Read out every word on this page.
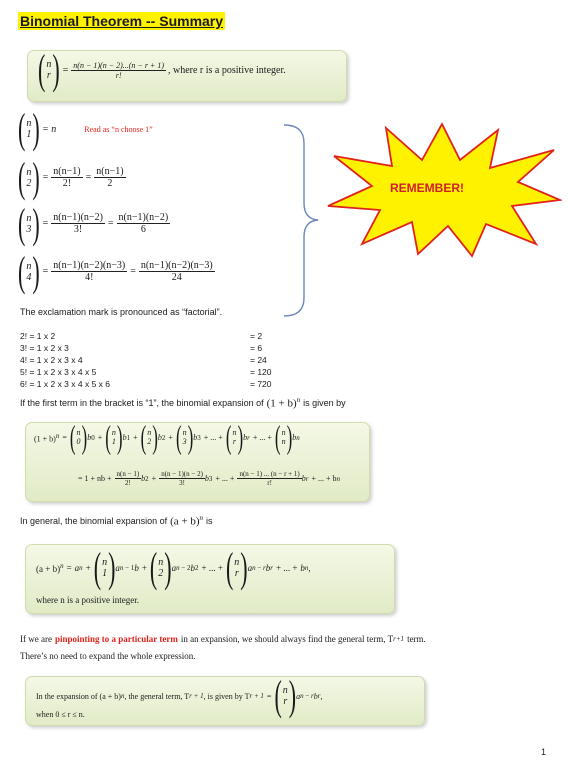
Binomial Theorem -- Summary
( n
r ) = $\frac{n(n - 1)(n - 2)...(n - r + 1)}{r!}$ , where r is a positive integer.
( n
1 ) = n	Read as “n choose 1”
( n
2 ) = $\frac{n(n-1)}{2!} = \frac{n(n-1)}{2}$
( n
3 ) = $\frac{n(n-1)(n-2)}{3!} = \frac{n(n-1)(n-2)}{6}$
( n
4 ) = $\frac{n(n-1)(n-2)(n-3)}{4!} = \frac{n(n-1)(n-2)(n-3)}{24}$
REMEMBER!
The exclamation mark is pronounced as “factorial”.
2! = 1 x 2	= 2
3! = 1 x 2 x 3	= 6
4! = 1 x 2 x 3 x 4	= 24
5! = 1 x 2 x 3 x 4 x 5	= 120
6! = 1 x 2 x 3 x 4 x 5 x 6	= 720
If the first term in the bracket is “1”, the binomial expansion of $(1 + b)^n$ is given by
$(1 + b)^n$ = ( n
0 ) b 0 + ( n
1 ) b 1 + ( n
2 ) b 2 + ( n
3 ) b 3 + ... + ( n
r ) b r + ... + ( n
n ) b n
= 1 + nb + $\frac{n(n - 1)}{2!}$ b $2 + \frac{n(n - 1)(n - 2)}{3!}$ b 3 + ... + $\frac{n(n - 1) ... (n - r + 1)}{r!}$ b r + ... + b n
In general, the binomial expansion of $(a + b)^n$ is
$(a + b)^n = a$ n + ( n
1 ) a n − 1 b + ( n
2 ) a n − 2 b 2 + ... + ( n
r ) a n − r b r + ... + b n ,
where n is a positive integer.
If we are pinpointing to a particular term in an expansion, we should always find the general term, T r+1 term.
There’s no need to expand the whole expression.
In the expansion of (a + b) n , the general term, T r + 1 , is given by T r + 1 = ( n
r ) a n − r b r ,
when 0 ≤ r ≤ n.
1
